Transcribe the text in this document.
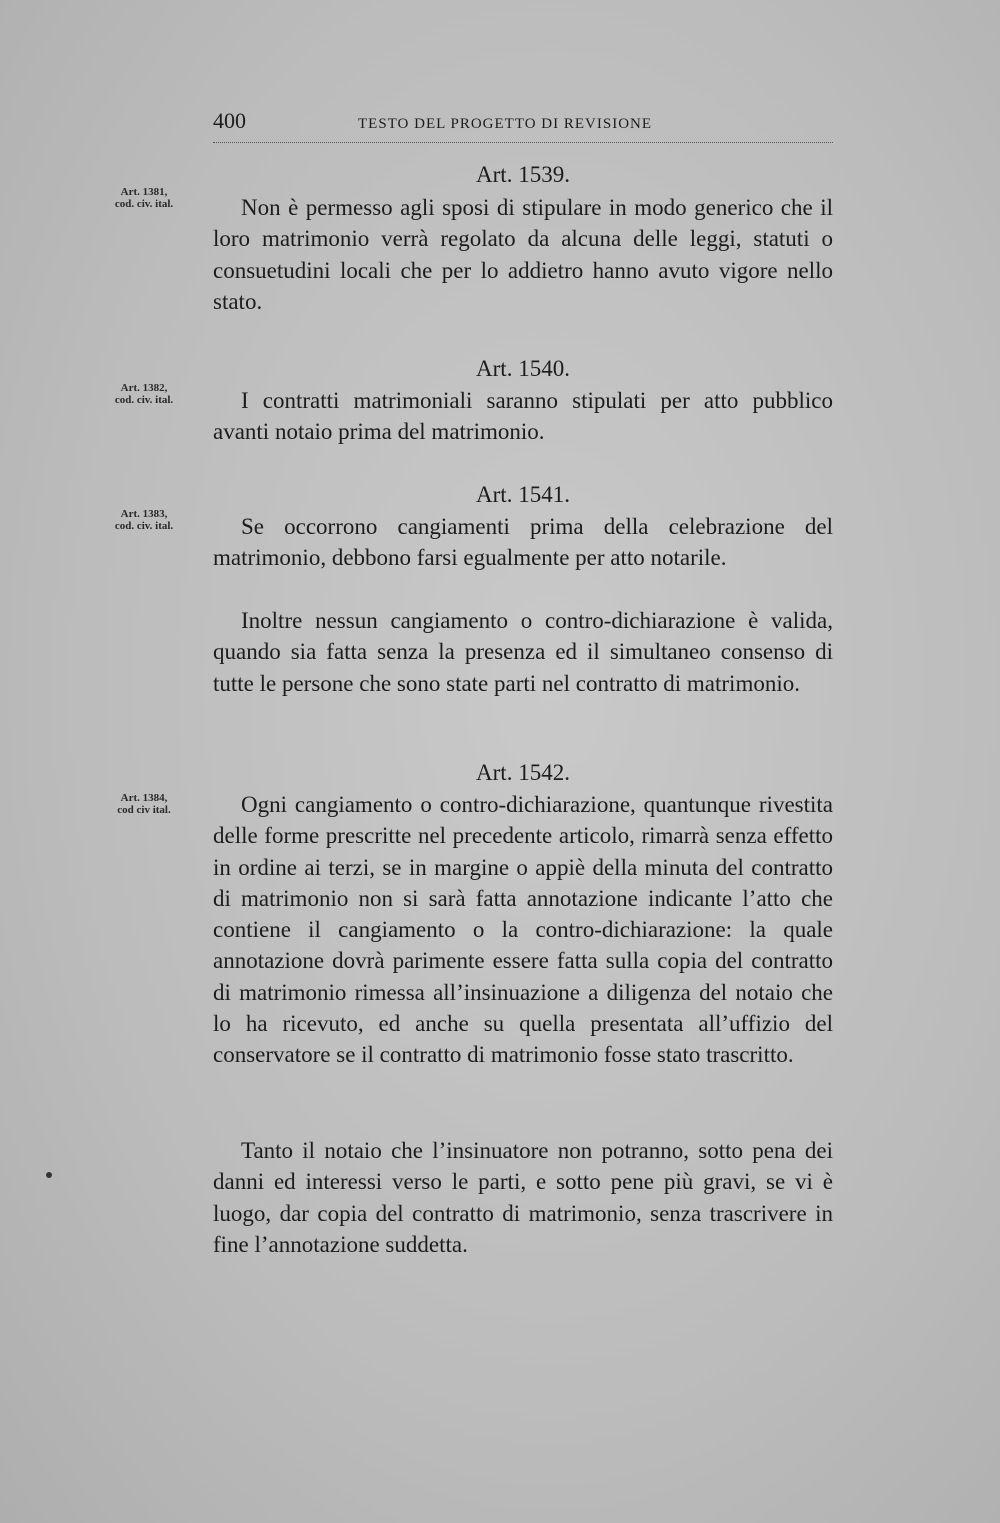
400	TESTO DEL PROGETTO DI REVISIONE
Art. 1381,
cod. civ. ital.
Art. 1539.

Non è permesso agli sposi di stipulare in modo generico che il loro matrimonio verrà regolato da alcuna delle leggi, statuti o consuetudini locali che per lo addietro hanno avuto vigore nello stato.

Art. 1382,
cod. civ. ital.
Art. 1540.

I contratti matrimoniali saranno stipulati per atto pubblico avanti notaio prima del matrimonio.

Art. 1383,
cod. civ. ital.
Art. 1541.

Se occorrono cangiamenti prima della celebrazione del matrimonio, debbono farsi egualmente per atto notarile.

Inoltre nessun cangiamento o contro-dichiarazione è valida, quando sia fatta senza la presenza ed il simultaneo consenso di tutte le persone che sono state parti nel contratto di matrimonio.

Art. 1384,
cod civ ital.
Art. 1542.

Ogni cangiamento o contro-dichiarazione, quantunque rivestita delle forme prescritte nel precedente articolo, rimarrà senza effetto in ordine ai terzi, se in margine o appiè della minuta del contratto di matrimonio non si sarà fatta annotazione indicante l’atto che contiene il cangiamento o la contro-dichiarazione: la quale annotazione dovrà parimente essere fatta sulla copia del contratto di matrimonio rimessa all’insinuazione a diligenza del notaio che lo ha ricevuto, ed anche su quella presentata all’uffizio del conservatore se il contratto di matrimonio fosse stato trascritto.

Tanto il notaio che l’insinuatore non potranno, sotto pena dei danni ed interessi verso le parti, e sotto pene più gravi, se vi è luogo, dar copia del contratto di matrimonio, senza trascrivere in fine l’annotazione suddetta.
